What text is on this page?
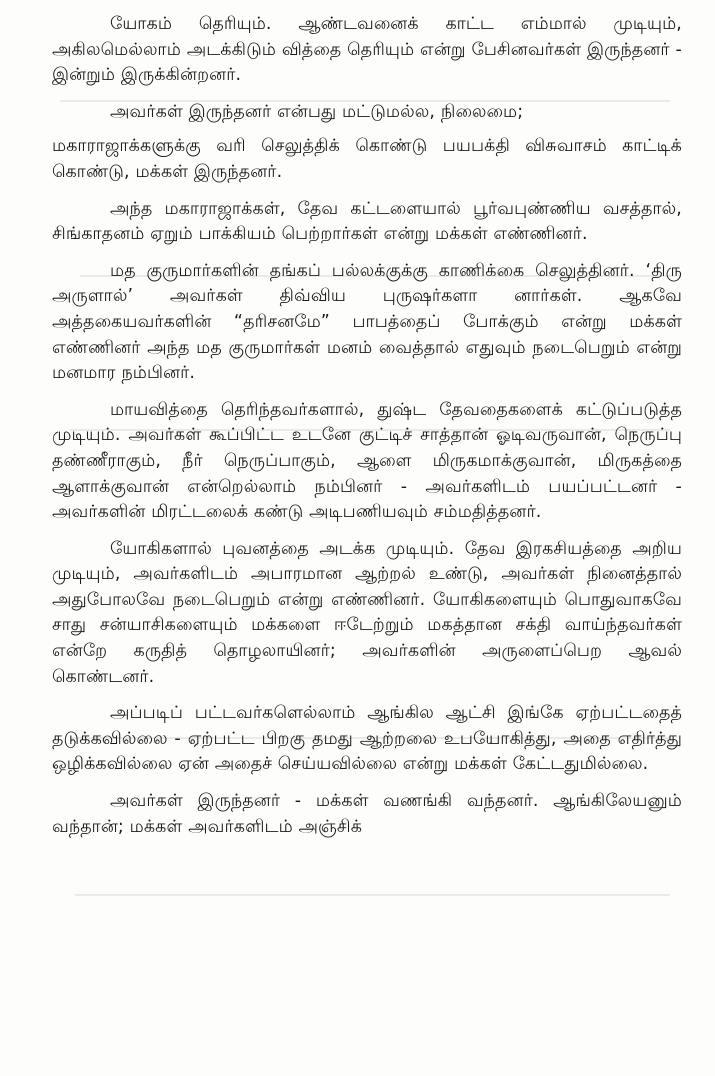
யோகம் தெரியும். ஆண்டவனைக் காட்ட எம்மால் முடியும், அகிலமெல்லாம் அடக்கிடும் வித்தை தெரியும் என்று பேசினவர்கள் இருந்தனர் - இன்றும் இருக்கின்றனர்.

அவர்கள் இருந்தனர் என்பது மட்டுமல்ல, நிலைமை;

மகாராஜாக்களுக்கு வரி செலுத்திக் கொண்டு பயபக்தி விசுவாசம் காட்டிக் கொண்டு, மக்கள் இருந்தனர்.

அந்த மகாராஜாக்கள், தேவ கட்டளையால் பூர்வபுண்ணிய வசத்தால், சிங்காதனம் ஏறும் பாக்கியம் பெற்றார்கள் என்று மக்கள் எண்ணினர்.

மத குருமார்களின் தங்கப் பல்லக்குக்கு காணிக்கை செலுத்தினர். ‘திரு அருளால்’ அவர்கள் திவ்விய புருஷர்களா னார்கள். ஆகவே அத்தகையவர்களின் “தரிசனமே” பாபத்தைப் போக்கும் என்று மக்கள் எண்ணினர் அந்த மத குருமார்கள் மனம் வைத்தால் எதுவும் நடைபெறும் என்று மனமார நம்பினர்.

மாயவித்தை தெரிந்தவர்களால், துஷ்ட தேவதைகளைக் கட்டுப்படுத்த முடியும். அவர்கள் கூப்பிட்ட உடனே குட்டிச் சாத்தான் ஓடிவருவான், நெருப்பு தண்ணீராகும், நீர் நெருப்பாகும், ஆளை மிருகமாக்குவான், மிருகத்தை ஆளாக்குவான் என்றெல்லாம் நம்பினர் - அவர்களிடம் பயப்பட்டனர் - அவர்களின் மிரட்டலைக் கண்டு அடிபணியவும் சம்மதித்தனர்.

யோகிகளால் புவனத்தை அடக்க முடியும். தேவ இரகசியத்தை அறிய முடியும், அவர்களிடம் அபாரமான ஆற்றல் உண்டு, அவர்கள் நினைத்தால் அதுபோலவே நடைபெறும் என்று எண்ணினர். யோகிகளையும் பொதுவாகவே சாது சன்யாசிகளையும் மக்களை ஈடேற்றும் மகத்தான சக்தி வாய்ந்தவர்கள் என்றே கருதித் தொழலாயினர்; அவர்களின் அருளைப்பெற ஆவல் கொண்டனர்.

அப்படிப் பட்டவர்களெல்லாம் ஆங்கில ஆட்சி இங்கே ஏற்பட்டதைத் தடுக்கவில்லை - ஏற்பட்ட பிறகு தமது ஆற்றலை உபயோகித்து, அதை எதிர்த்து ஒழிக்கவில்லை ஏன் அதைச் செய்யவில்லை என்று மக்கள் கேட்டதுமில்லை.

அவர்கள் இருந்தனர் - மக்கள் வணங்கி வந்தனர். ஆங்கிலேயனும் வந்தான்; மக்கள் அவர்களிடம் அஞ்சிக்
